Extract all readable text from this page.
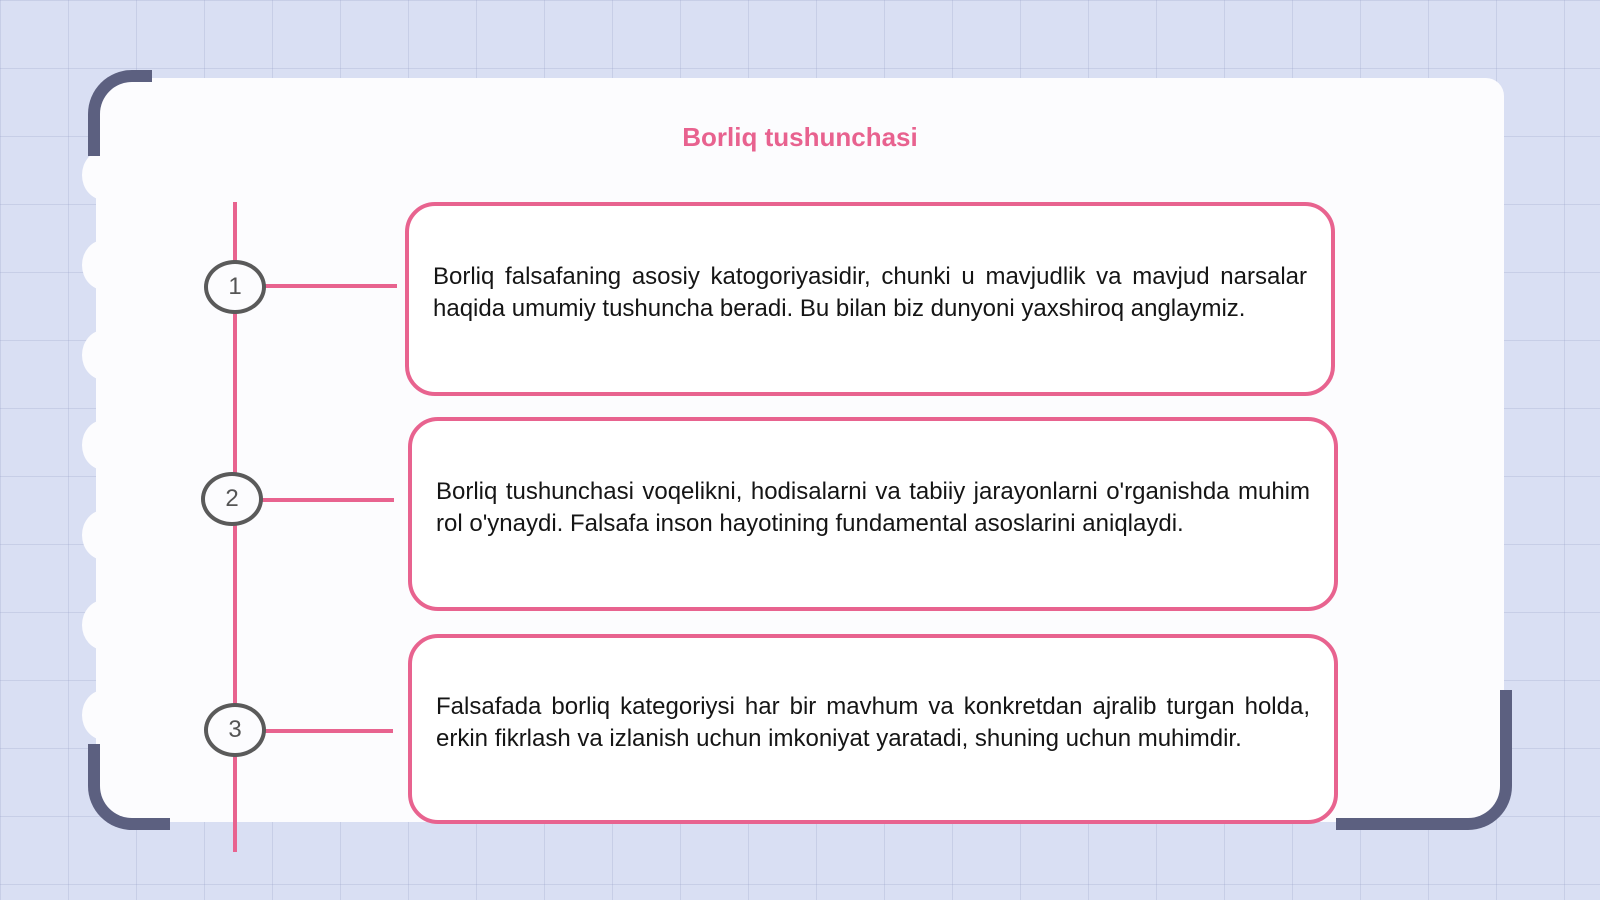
Borliq tushunchasi
1
2
3
Borliq falsafaning asosiy katogoriyasidir, chunki u mavjudlik va mavjud narsalar haqida umumiy tushuncha beradi. Bu bilan biz dunyoni yaxshiroq anglaymiz.
Borliq tushunchasi voqelikni, hodisalarni va tabiiy jarayonlarni o'rganishda muhim rol o'ynaydi. Falsafa inson hayotining fundamental asoslarini aniqlaydi.
Falsafada borliq kategoriysi har bir mavhum va konkretdan ajralib turgan holda, erkin fikrlash va izlanish uchun imkoniyat yaratadi, shuning uchun muhimdir.
